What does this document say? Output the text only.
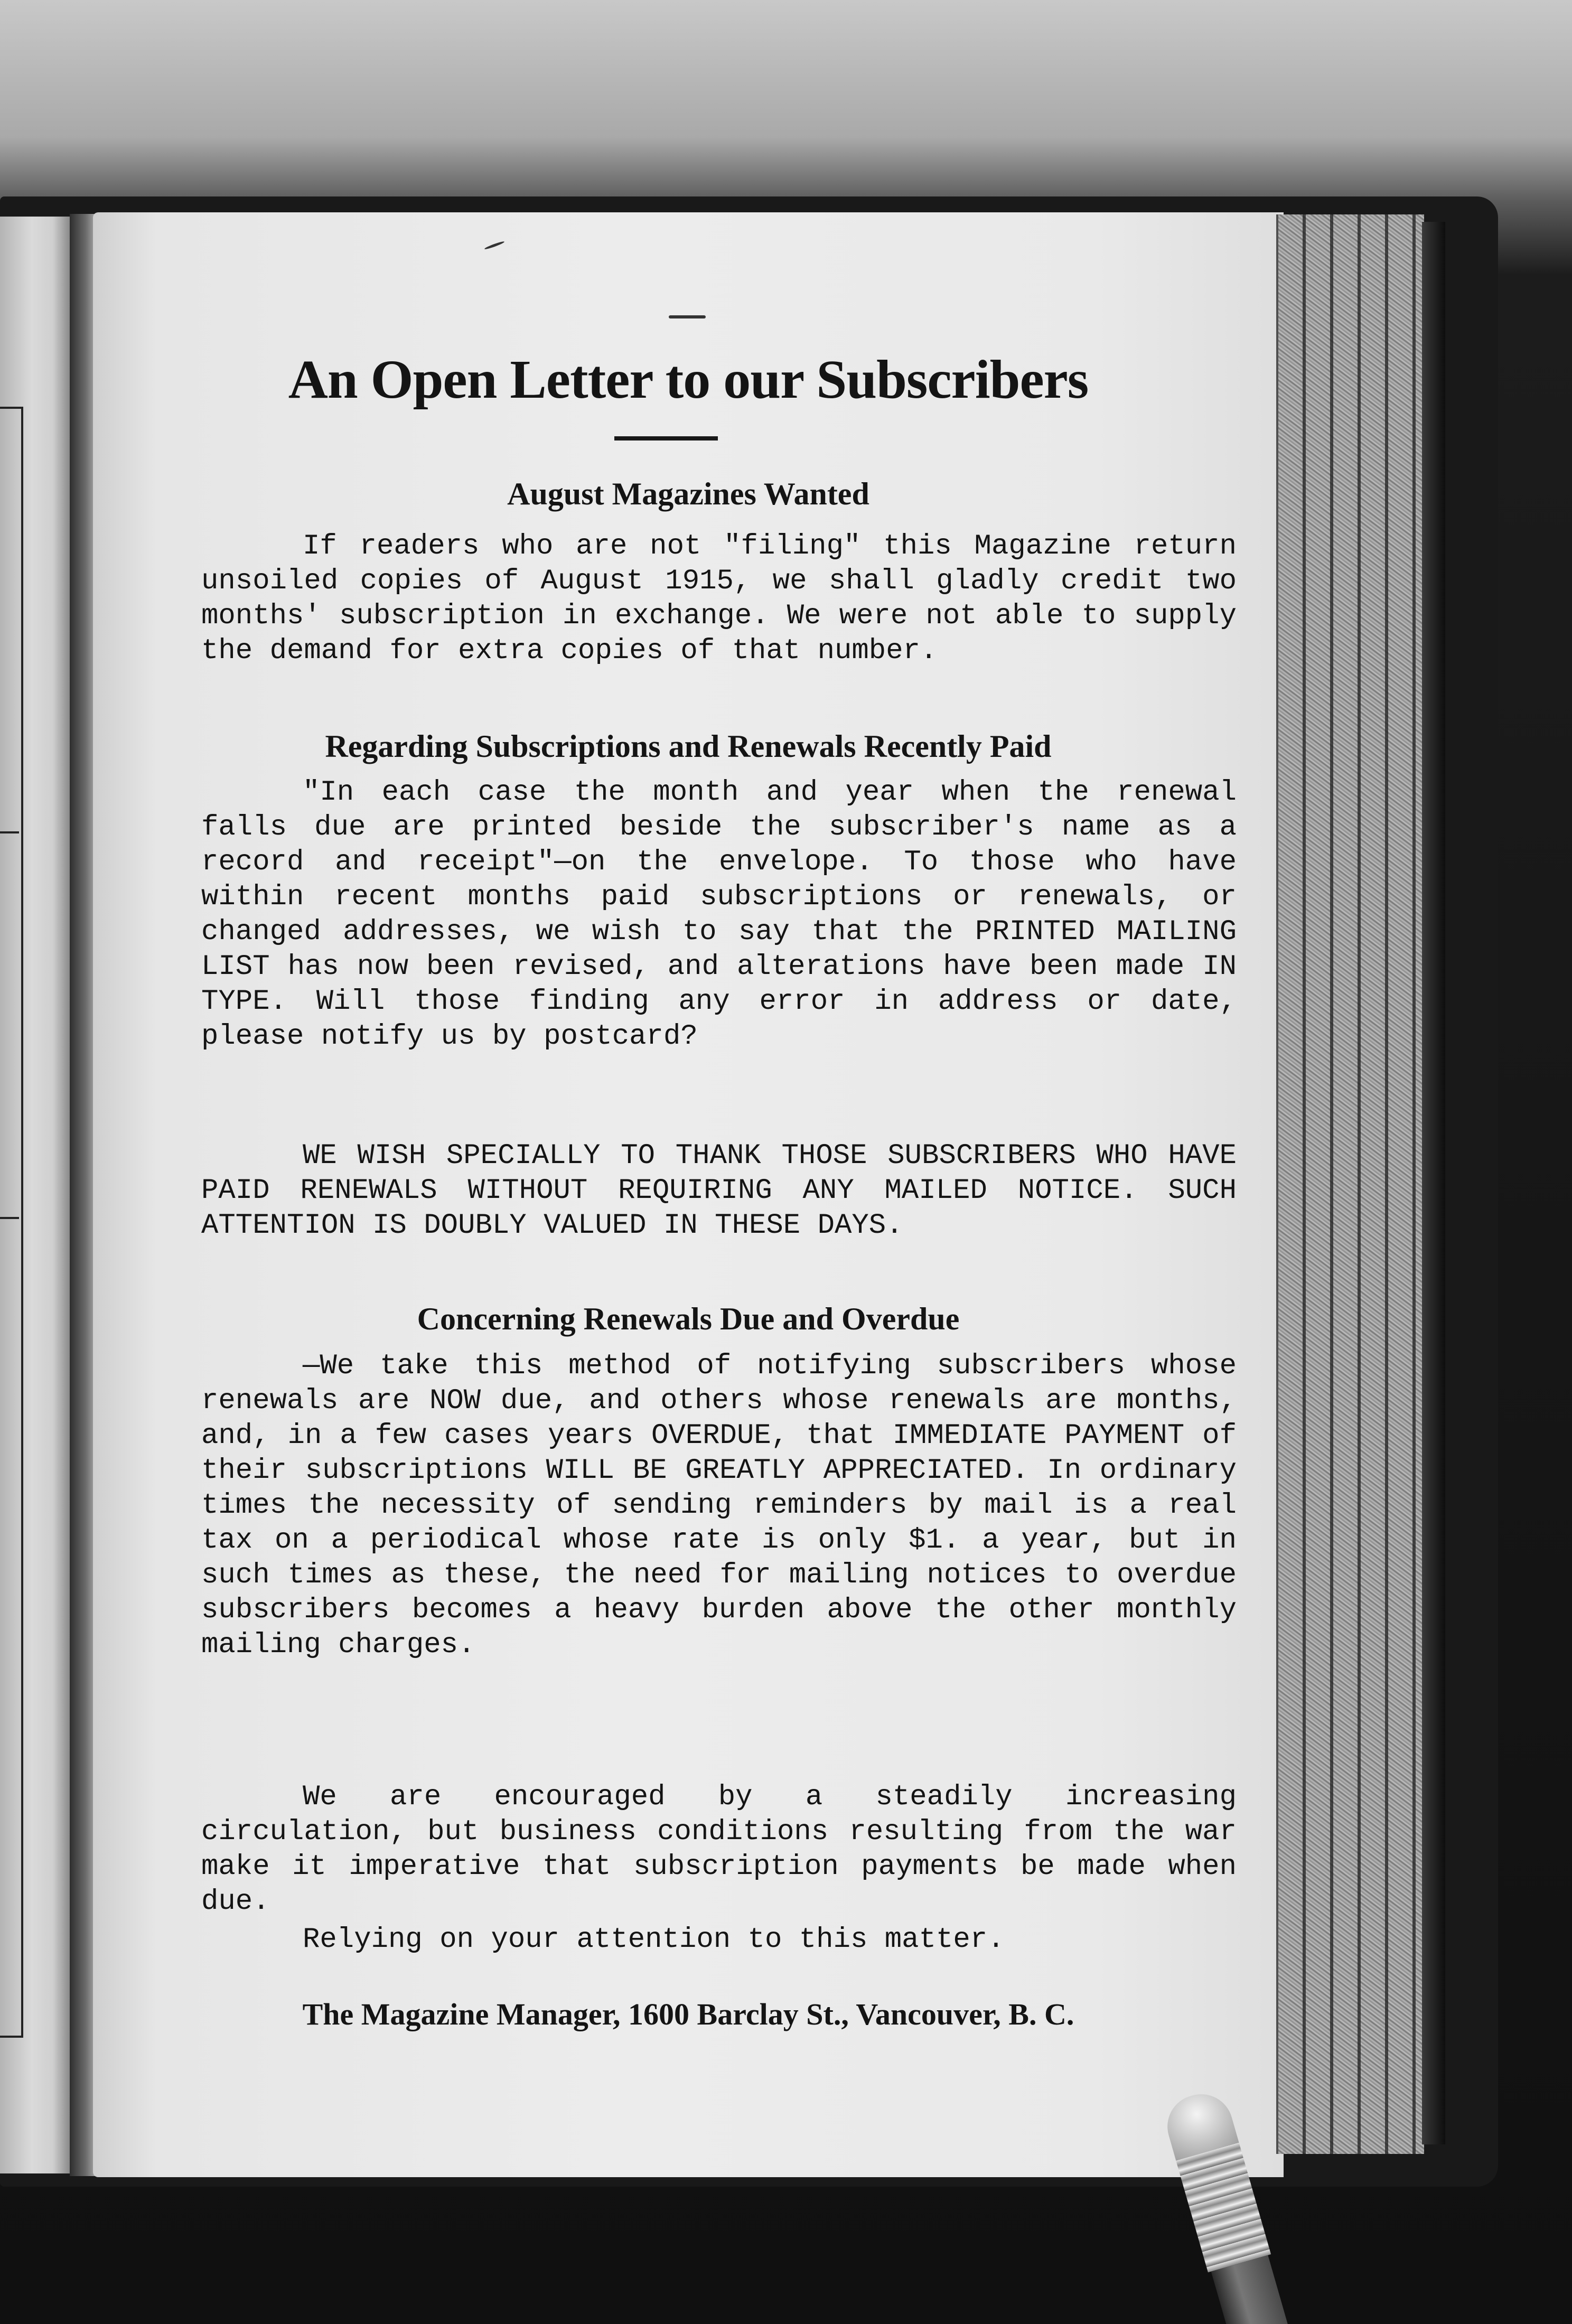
An Open Letter to our Subscribers
August Magazines Wanted

If readers who are not "filing" this Magazine return unsoiled copies of August 1915, we shall gladly credit two months' subscription in exchange. We were not able to supply the demand for extra copies of that number.

Regarding Subscriptions and Renewals Recently Paid

"In each case the month and year when the renewal falls due are printed beside the subscriber's name as a record and receipt"—on the envelope. To those who have within recent months paid subscriptions or renewals, or changed addresses, we wish to say that the PRINTED MAILING LIST has now been revised, and alterations have been made IN TYPE. Will those finding any error in address or date, please notify us by postcard?

WE WISH SPECIALLY TO THANK THOSE SUBSCRIBERS WHO HAVE PAID RENEWALS WITHOUT REQUIRING ANY MAILED NOTICE. SUCH ATTENTION IS DOUBLY VALUED IN THESE DAYS.

Concerning Renewals Due and Overdue

—We take this method of notifying subscribers whose renewals are NOW due, and others whose renewals are months, and, in a few cases years OVERDUE, that IMMEDIATE PAYMENT of their subscriptions WILL BE GREATLY APPRECIATED. In ordinary times the necessity of sending reminders by mail is a real tax on a periodical whose rate is only $1. a year, but in such times as these, the need for mailing notices to overdue subscribers becomes a heavy burden above the other monthly mailing charges.

We are encouraged by a steadily increasing circulation, but business conditions resulting from the war make it imperative that subscription payments be made when due.

Relying on your attention to this matter.

The Magazine Manager, 1600 Barclay St., Vancouver, B. C.
